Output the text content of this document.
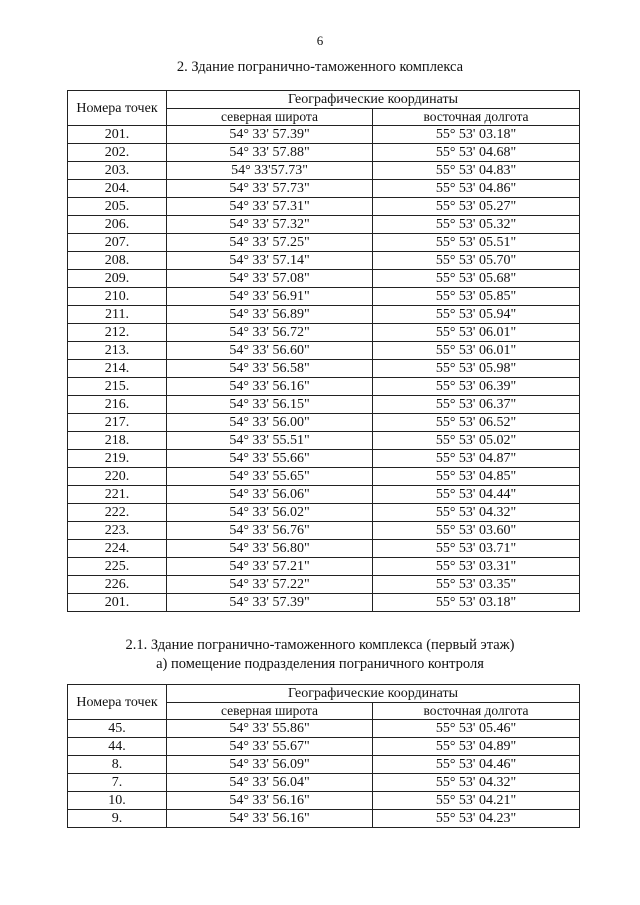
6
2. Здание пограничнo-таможенного комплекса
Номера точек	Географические координаты	
	северная широта	восточная долгота
201.	54° 33' 57.39"	55° 53' 03.18"
202.	54° 33' 57.88"	55° 53' 04.68"
203.	54° 33'57.73"	55° 53' 04.83"
204.	54° 33' 57.73"	55° 53' 04.86"
205.	54° 33' 57.31"	55° 53' 05.27"
206.	54° 33' 57.32"	55° 53' 05.32"
207.	54° 33' 57.25"	55° 53' 05.51"
208.	54° 33' 57.14"	55° 53' 05.70"
209.	54° 33' 57.08"	55° 53' 05.68"
210.	54° 33' 56.91"	55° 53' 05.85"
211.	54° 33' 56.89"	55° 53' 05.94"
212.	54° 33' 56.72"	55° 53' 06.01"
213.	54° 33' 56.60"	55° 53' 06.01"
214.	54° 33' 56.58"	55° 53' 05.98"
215.	54° 33' 56.16"	55° 53' 06.39"
216.	54° 33' 56.15"	55° 53' 06.37"
217.	54° 33' 56.00"	55° 53' 06.52"
218.	54° 33' 55.51"	55° 53' 05.02"
219.	54° 33' 55.66"	55° 53' 04.87"
220.	54° 33' 55.65"	55° 53' 04.85"
221.	54° 33' 56.06"	55° 53' 04.44"
222.	54° 33' 56.02"	55° 53' 04.32"
223.	54° 33' 56.76"	55° 53' 03.60"
224.	54° 33' 56.80"	55° 53' 03.71"
225.	54° 33' 57.21"	55° 53' 03.31"
226.	54° 33' 57.22"	55° 53' 03.35"
201.	54° 33' 57.39"	55° 53' 03.18"
2.1. Здание пограничнo-таможенного комплекса (первый этаж)
а) помещение подразделения пограничного контроля
Номера точек	Географические координаты	
	северная широта	восточная долгота
45.	54° 33' 55.86"	55° 53' 05.46"
44.	54° 33' 55.67"	55° 53' 04.89"
8.	54° 33' 56.09"	55° 53' 04.46"
7.	54° 33' 56.04"	55° 53' 04.32"
10.	54° 33' 56.16"	55° 53' 04.21"
9.	54° 33' 56.16"	55° 53' 04.23"
